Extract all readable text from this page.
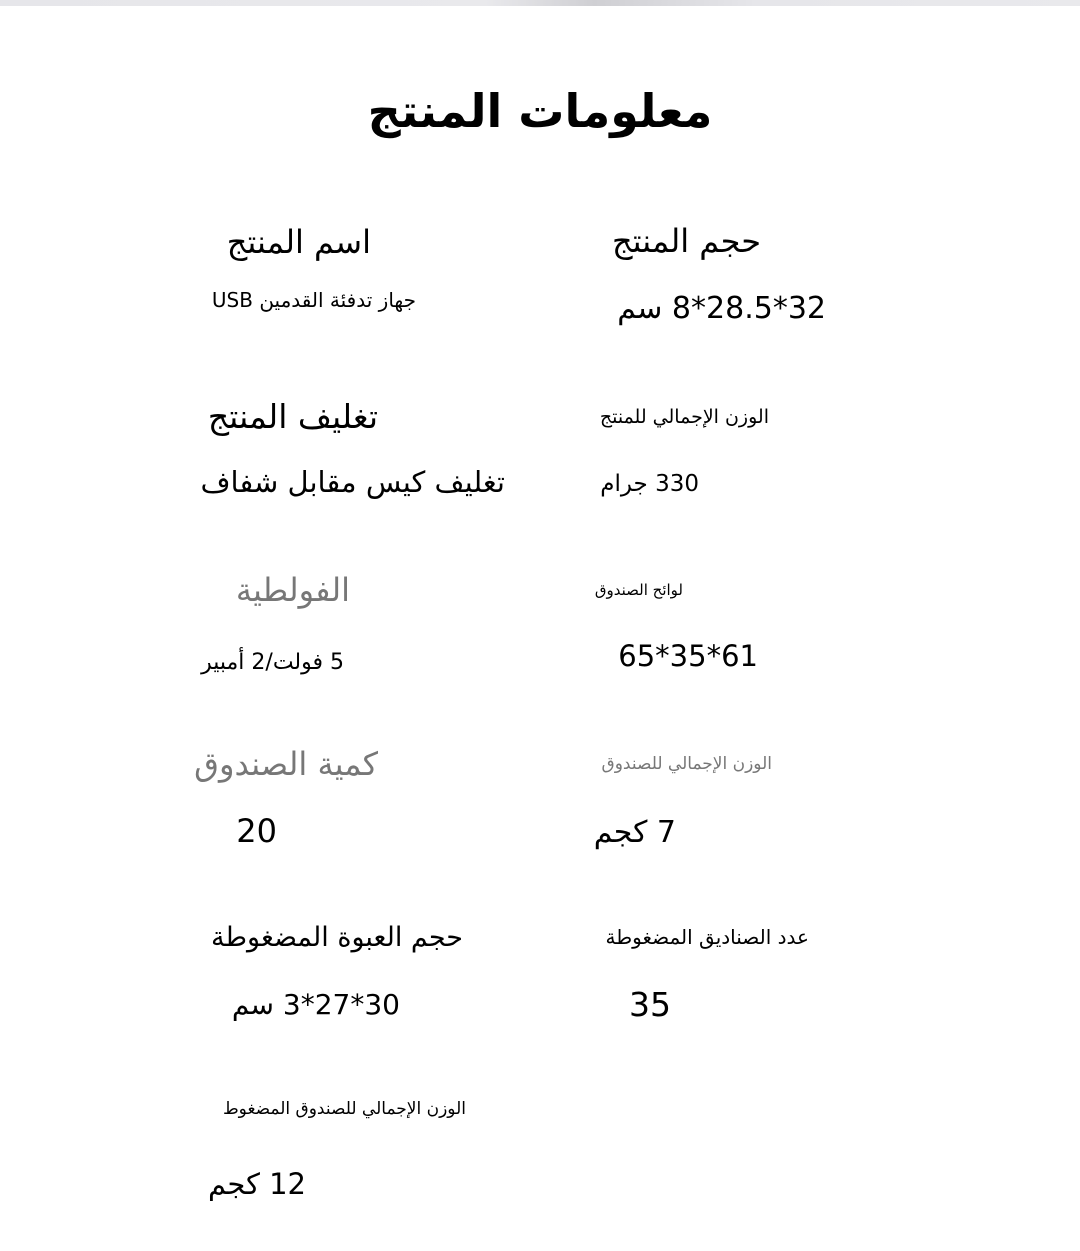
معلومات المنتج
اسم المنتج
جهاز تدفئة القدمين USB
حجم المنتج
32*28.5*8 سم
تغليف المنتج
تغليف كيس مقابل شفاف
الوزن الإجمالي للمنتج
330 جرام
الفولطية
5 فولت/2 أمبير
لوائح الصندوق
65*35*61
كمية الصندوق
20
الوزن الإجمالي للصندوق
7 كجم
حجم العبوة المضغوطة
30*27*3 سم
عدد الصناديق المضغوطة
35
الوزن الإجمالي للصندوق المضغوط
12 كجم
